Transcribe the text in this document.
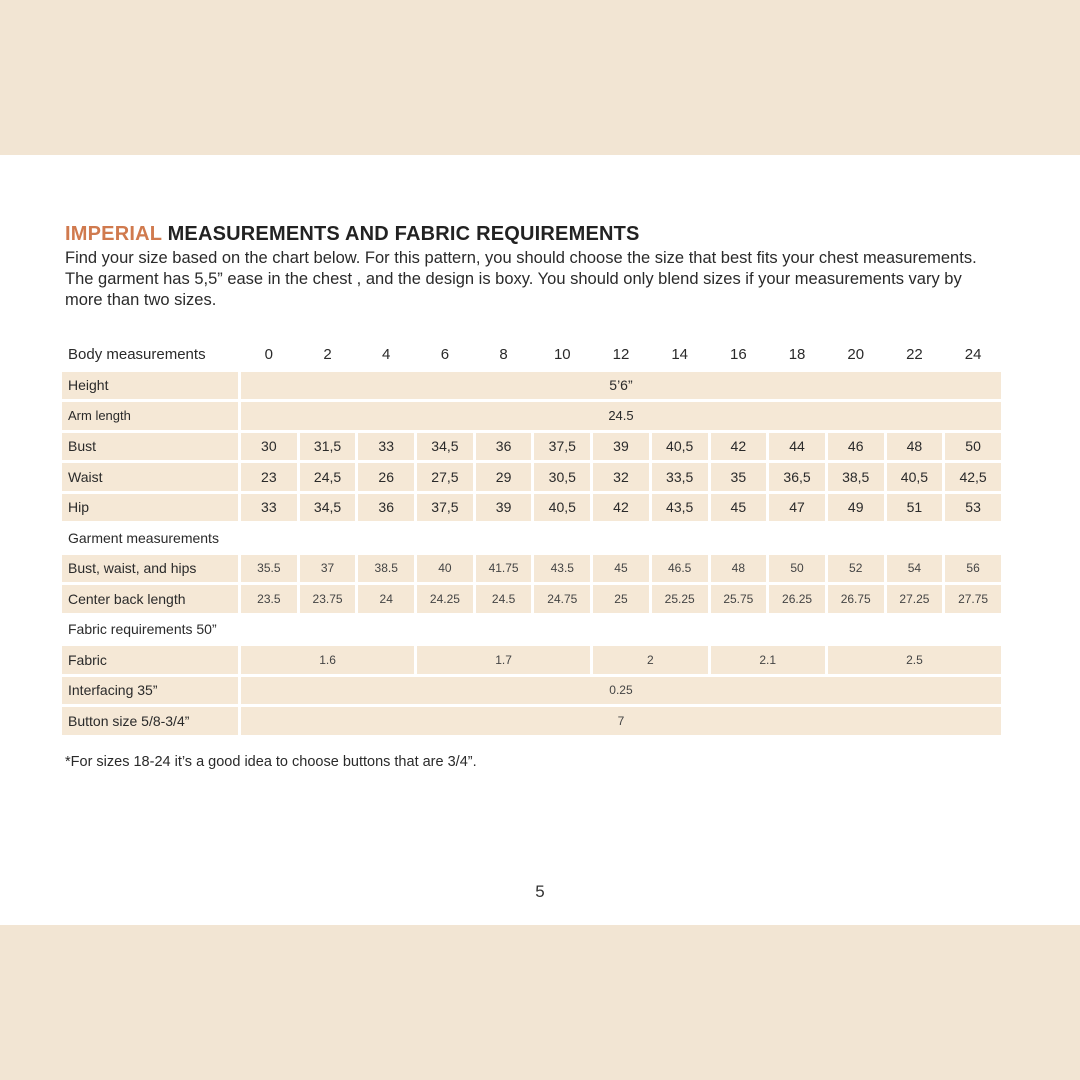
IMPERIAL MEASUREMENTS AND FABRIC REQUIREMENTS
Find your size based on the chart below. For this pattern, you should choose the size that best fits your chest measurements. The garment has 5,5” ease in the chest , and the design is boxy. You should only blend sizes if your measurements vary by more than two sizes.
Body measurements	0	2	4	6	8	10	12	14	16	18	20	22	24
Height	5’6”												
Arm length	24.5												
Bust	30	31,5	33	34,5	36	37,5	39	40,5	42	44	46	48	50
Waist	23	24,5	26	27,5	29	30,5	32	33,5	35	36,5	38,5	40,5	42,5
Hip	33	34,5	36	37,5	39	40,5	42	43,5	45	47	49	51	53
Garment measurements													
Bust, waist, and hips	35.5	37	38.5	40	41.75	43.5	45	46.5	48	50	52	54	56
Center back length	23.5	23.75	24	24.25	24.5	24.75	25	25.25	25.75	26.25	26.75	27.25	27.75
Fabric requirements 50”													
Fabric	1.6			1.7			2		2.1		2.5		
Interfacing 35”	0.25												
Button size 5/8-3/4”	7												
*For sizes 18-24 it’s a good idea to choose buttons that are 3/4”.
5
